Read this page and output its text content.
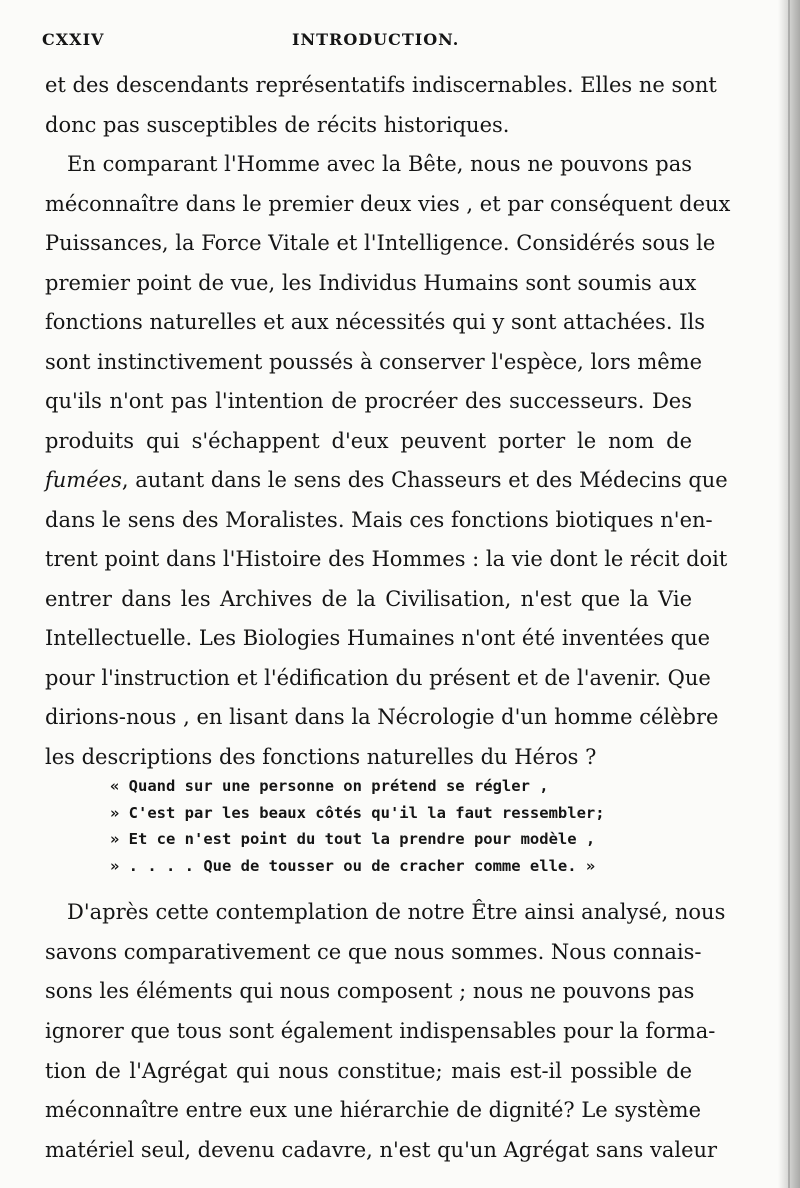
CXXIV	INTRODUCTION.
et des descendants représentatifs indiscernables. Elles ne sont
donc pas susceptibles de récits historiques.
En comparant l'Homme avec la Bête, nous ne pouvons pas
méconnaître dans le premier deux vies , et par conséquent deux
Puissances, la Force Vitale et l'Intelligence. Considérés sous le
premier point de vue, les Individus Humains sont soumis aux
fonctions naturelles et aux nécessités qui y sont attachées. Ils
sont instinctivement poussés à conserver l'espèce, lors même
qu'ils n'ont pas l'intention de procréer des successeurs. Des
produits qui s'échappent d'eux peuvent porter le nom de
fumées, autant dans le sens des Chasseurs et des Médecins que
dans le sens des Moralistes. Mais ces fonctions biotiques n'en-
trent point dans l'Histoire des Hommes : la vie dont le récit doit
entrer dans les Archives de la Civilisation, n'est que la Vie
Intellectuelle. Les Biologies Humaines n'ont été inventées que
pour l'instruction et l'édification du présent et de l'avenir. Que
dirions-nous , en lisant dans la Nécrologie d'un homme célèbre
les descriptions des fonctions naturelles du Héros ?
« Quand sur une personne on prétend se régler ,
» C'est par les beaux côtés qu'il la faut ressembler;
» Et ce n'est point du tout la prendre pour modèle ,
» . . . . Que de tousser ou de cracher comme elle. »
D'après cette contemplation de notre Être ainsi analysé, nous
savons comparativement ce que nous sommes. Nous connais-
sons les éléments qui nous composent ; nous ne pouvons pas
ignorer que tous sont également indispensables pour la forma-
tion de l'Agrégat qui nous constitue; mais est-il possible de
méconnaître entre eux une hiérarchie de dignité? Le système
matériel seul, devenu cadavre, n'est qu'un Agrégat sans valeur
